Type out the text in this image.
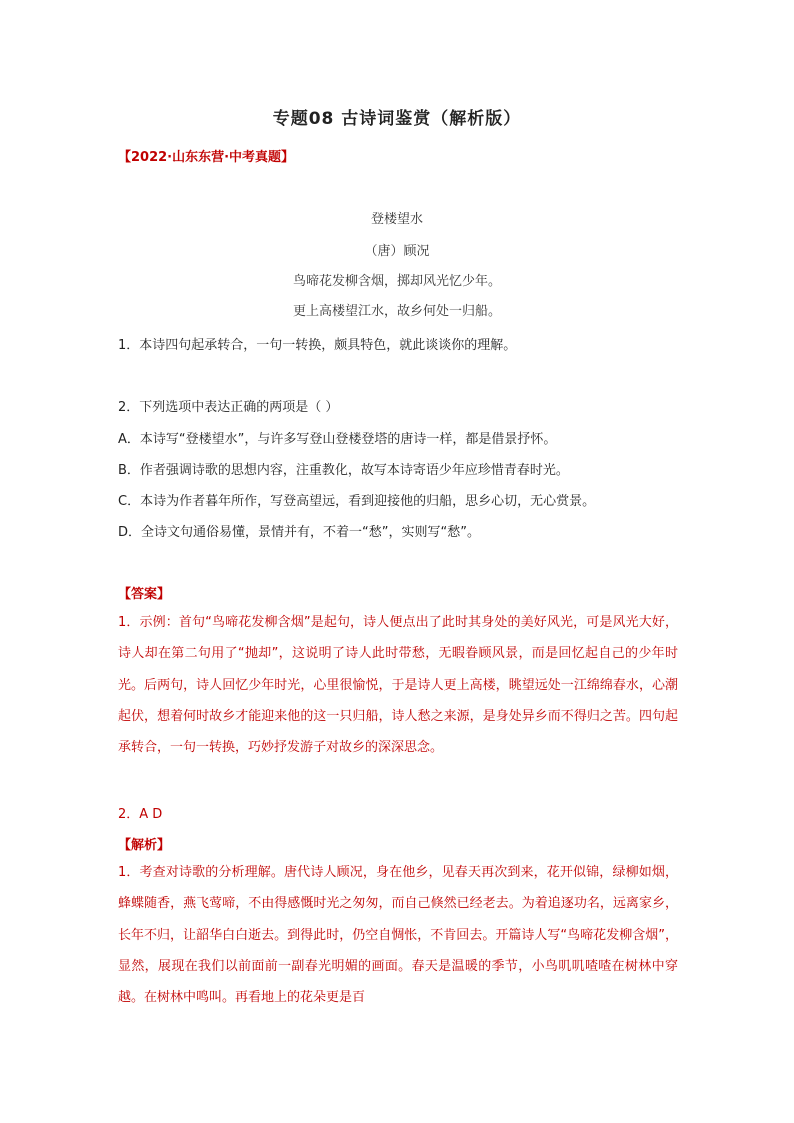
专题08 古诗词鉴赏（解析版）
【2022·山东东营·中考真题】
登楼望水
（唐）顾况
鸟啼花发柳含烟，掷却风光忆少年。
更上高楼望江水，故乡何处一归船。
1．本诗四句起承转合，一句一转换，颇具特色，就此谈谈你的理解。
2．下列选项中表达正确的两项是（ ）
A．本诗写“登楼望水”，与许多写登山登楼登塔的唐诗一样，都是借景抒怀。
B．作者强调诗歌的思想内容，注重教化，故写本诗寄语少年应珍惜青春时光。
C．本诗为作者暮年所作，写登高望远，看到迎接他的归船，思乡心切，无心赏景。
D．全诗文句通俗易懂，景情并有，不着一“愁”，实则写“愁”。
【答案】
1．示例：首句“鸟啼花发柳含烟”是起句，诗人便点出了此时其身处的美好风光，可是风光大好，诗人却在第二句用了“抛却”，这说明了诗人此时带愁，无暇眷顾风景，而是回忆起自己的少年时光。后两句，诗人回忆少年时光，心里很愉悦，于是诗人更上高楼，眺望远处一江绵绵春水，心潮起伏，想着何时故乡才能迎来他的这一只归船，诗人愁之来源，是身处异乡而不得归之苦。四句起承转合，一句一转换，巧妙抒发游子对故乡的深深思念。
2．A D
【解析】
1．考查对诗歌的分析理解。唐代诗人顾况，身在他乡，见春天再次到来，花开似锦，绿柳如烟，蜂蝶随香，燕飞莺啼，不由得感慨时光之匆匆，而自己倏然已经老去。为着追逐功名，远离家乡，长年不归，让韶华白白逝去。到得此时，仍空自惆怅，不肯回去。开篇诗人写“鸟啼花发柳含烟”，显然，展现在我们以前面前一副春光明媚的画面。春天是温暖的季节，小鸟叽叽喳喳在树林中穿越。在树林中鸣叫。再看地上的花朵更是百
